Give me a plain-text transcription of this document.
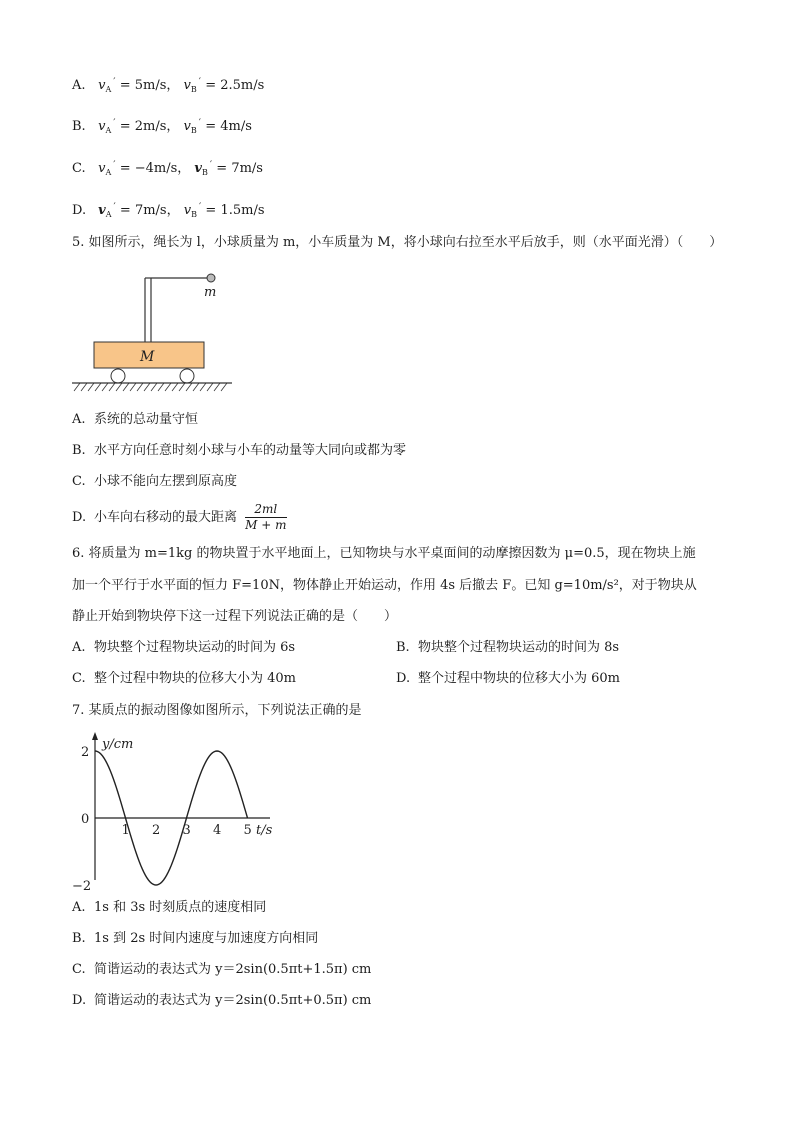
A. $v_A' = 5m/s$， $v_B' = 2.5m/s$
B. $v_A' = 2m/s$， $v_B' = 4m/s$
C. $v_A' = -4m/s$， $v_B' = 7m/s$
D. $v_A' = 7m/s$， $v_B' = 1.5m/s$
5. 如图所示，绳长为 l，小球质量为 m，小车质量为 M，将小球向右拉至水平后放手，则（水平面光滑）（　　）
m
M
A. 系统的总动量守恒
B. 水平方向任意时刻小球与小车的动量等大同向或都为零
C. 小球不能向左摆到原高度
D. 小车向右移动的最大距离 $\frac{2ml}{M + m}$
6. 将质量为 m=1kg 的物块置于水平地面上，已知物块与水平桌面间的动摩擦因数为 μ=0.5，现在物块上施
加一个平行于水平面的恒力 F=10N，物体静止开始运动，作用 4s 后撤去 F。已知 g=10m/s²，对于物块从
静止开始到物块停下这一过程下列说法正确的是（　　）
A. 物块整个过程物块运动的时间为 6s	B. 物块整个过程物块运动的时间为 8s
C. 整个过程中物块的位移大小为 40m	D. 整个过程中物块的位移大小为 60m
7. 某质点的振动图像如图所示，下列说法正确的是
y/cm
t/s
1 2 3 4 5
2
0
−2
A. 1s 和 3s 时刻质点的速度相同
B. 1s 到 2s 时间内速度与加速度方向相同
C. 简谐运动的表达式为 y＝2sin(0.5πt+1.5π) cm
D. 简谐运动的表达式为 y＝2sin(0.5πt+0.5π) cm
